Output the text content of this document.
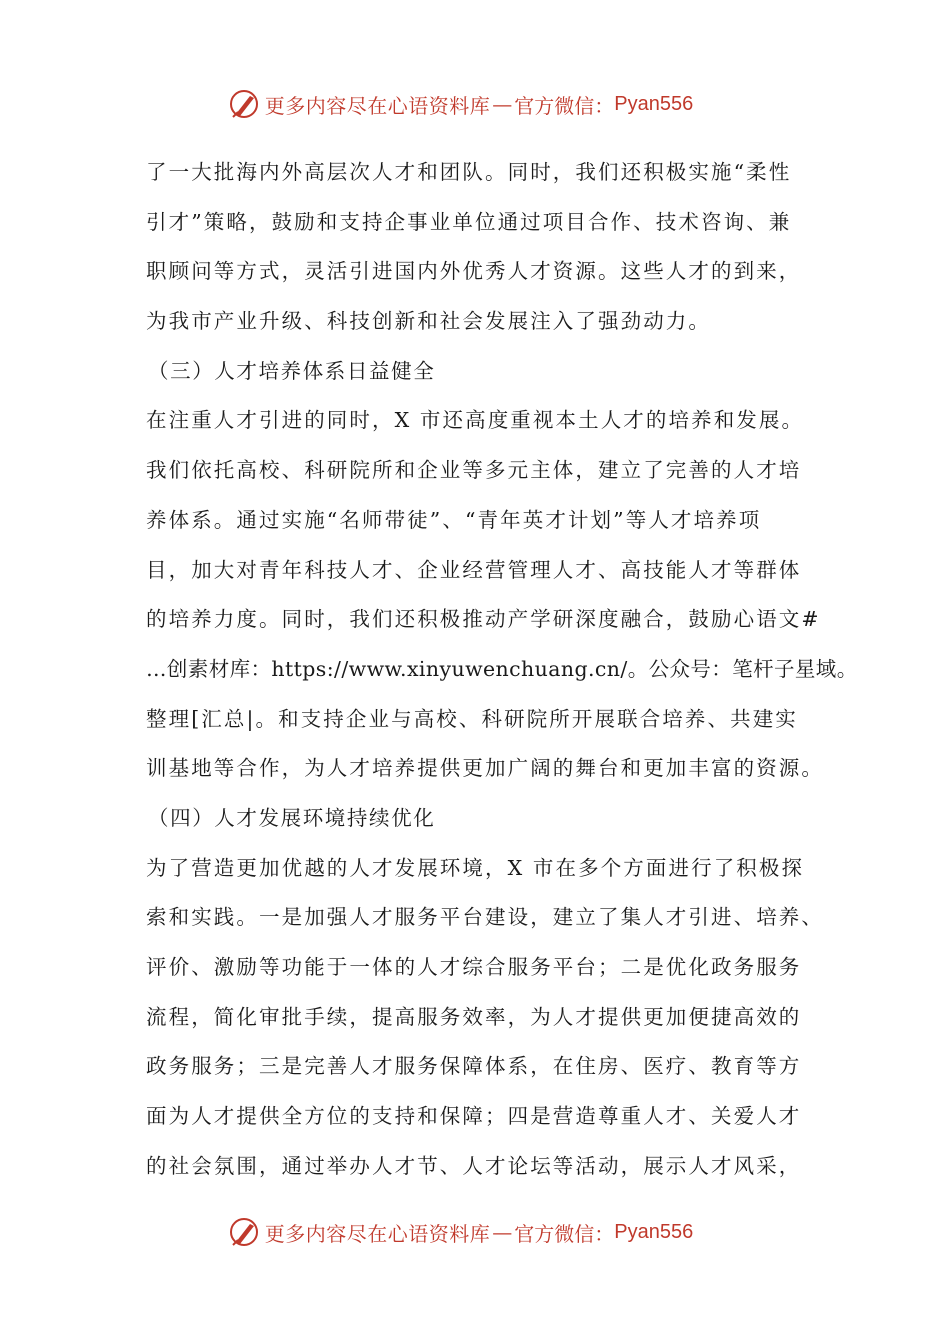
更多内容尽在心语资料库 — 官方微信： Pyan556
了一大批海内外高层次人才和团队。同时，我们还积极实施“柔性
引才”策略，鼓励和支持企事业单位通过项目合作、技术咨询、兼
职顾问等方式，灵活引进国内外优秀人才资源。这些人才的到来，
为我市产业升级、科技创新和社会发展注入了强劲动力。
（三）人才培养体系日益健全
在注重人才引进的同时，X 市还高度重视本土人才的培养和发展。
我们依托高校、科研院所和企业等多元主体，建立了完善的人才培
养体系。通过实施“名师带徒”、“青年英才计划”等人才培养项
目，加大对青年科技人才、企业经营管理人才、高技能人才等群体
的培养力度。同时，我们还积极推动产学研深度融合，鼓励心语文#
…创素材库：https://www.xinyuwenchuang.cn/。公众号：笔杆子星域。
整理[汇总|。和支持企业与高校、科研院所开展联合培养、共建实
训基地等合作，为人才培养提供更加广阔的舞台和更加丰富的资源。
（四）人才发展环境持续优化
为了营造更加优越的人才发展环境，X 市在多个方面进行了积极探
索和实践。一是加强人才服务平台建设，建立了集人才引进、培养、
评价、激励等功能于一体的人才综合服务平台；二是优化政务服务
流程，简化审批手续，提高服务效率，为人才提供更加便捷高效的
政务服务；三是完善人才服务保障体系，在住房、医疗、教育等方
面为人才提供全方位的支持和保障；四是营造尊重人才、关爱人才
的社会氛围，通过举办人才节、人才论坛等活动，展示人才风采，
更多内容尽在心语资料库 — 官方微信： Pyan556
